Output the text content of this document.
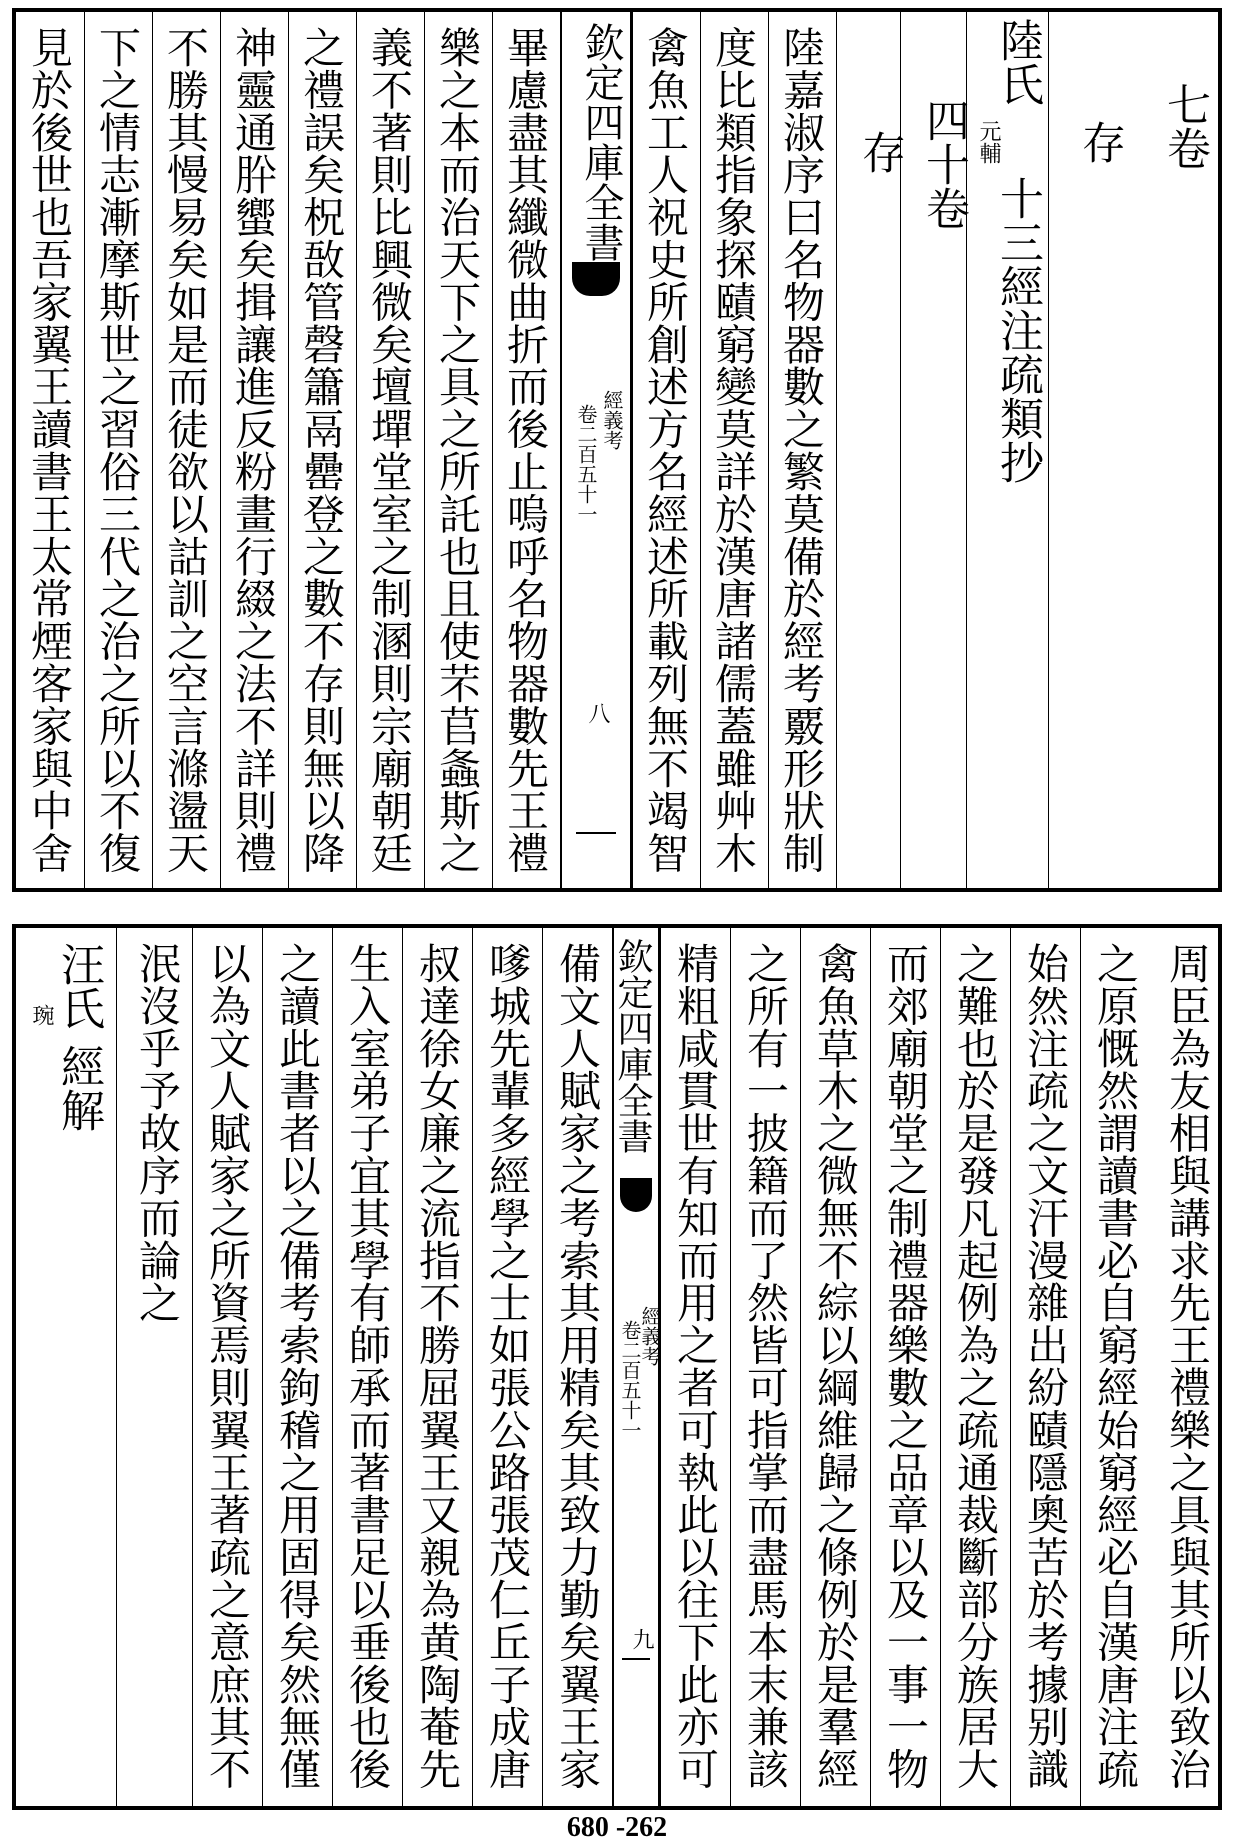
七卷
存
陸氏
元輔
十三經注疏類抄
四十卷
存
陸嘉淑序曰名物器數之繁莫備於經考覈形狀制
度比類指象探賾窮變莫詳於漢唐諸儒蓋雖艸木
禽魚工人祝史所創述方名經述所載列無不竭智
欽定四庫全書
經義考
卷二百五十一
八
畢慮盡其纖微曲折而後止嗚呼名物器數先王禮
樂之本而治天下之具之所託也且使芣苢螽斯之
義不著則比興微矣壇墠堂室之制溷則宗廟朝廷
之禮誤矣柷敔管磬簫鬲罍登之數不存則無以降
神靈通肸蠁矣揖讓進反粉畫行綴之法不詳則禮
不勝其慢易矣如是而徒欲以詁訓之空言滌盪天
下之情志漸摩斯世之習俗三代之治之所以不復
見於後世也吾家翼王讀書王太常煙客家與中舍
周臣為友相與講求先王禮樂之具與其所以致治
之原慨然謂讀書必自窮經始窮經必自漢唐注疏
始然注疏之文汗漫雜出紛賾隱奧苦於考據别識
之難也於是發凡起例為之疏通裁斷部分族居大
而郊廟朝堂之制禮器樂數之品章以及一事一物
禽魚草木之微無不綜以綱維歸之條例於是羣經
之所有一披籍而了然皆可指掌而盡馬本末兼該
精粗咸貫世有知而用之者可執此以往下此亦可
欽定四庫全書
經義考
卷二百五十一
九
備文人賦家之考索其用精矣其致力勤矣翼王家
嗲城先輩多經學之士如張公路張茂仁丘子成唐
叔達徐女廉之流指不勝屈翼王又親為黄陶菴先
生入室弟子宜其學有師承而著書足以垂後也後
之讀此書者以之備考索鉤稽之用固得矣然無僅
以為文人賦家之所資焉則翼王著疏之意庶其不
泯沒乎予故序而論之
汪氏
琬
經解
680 -262
